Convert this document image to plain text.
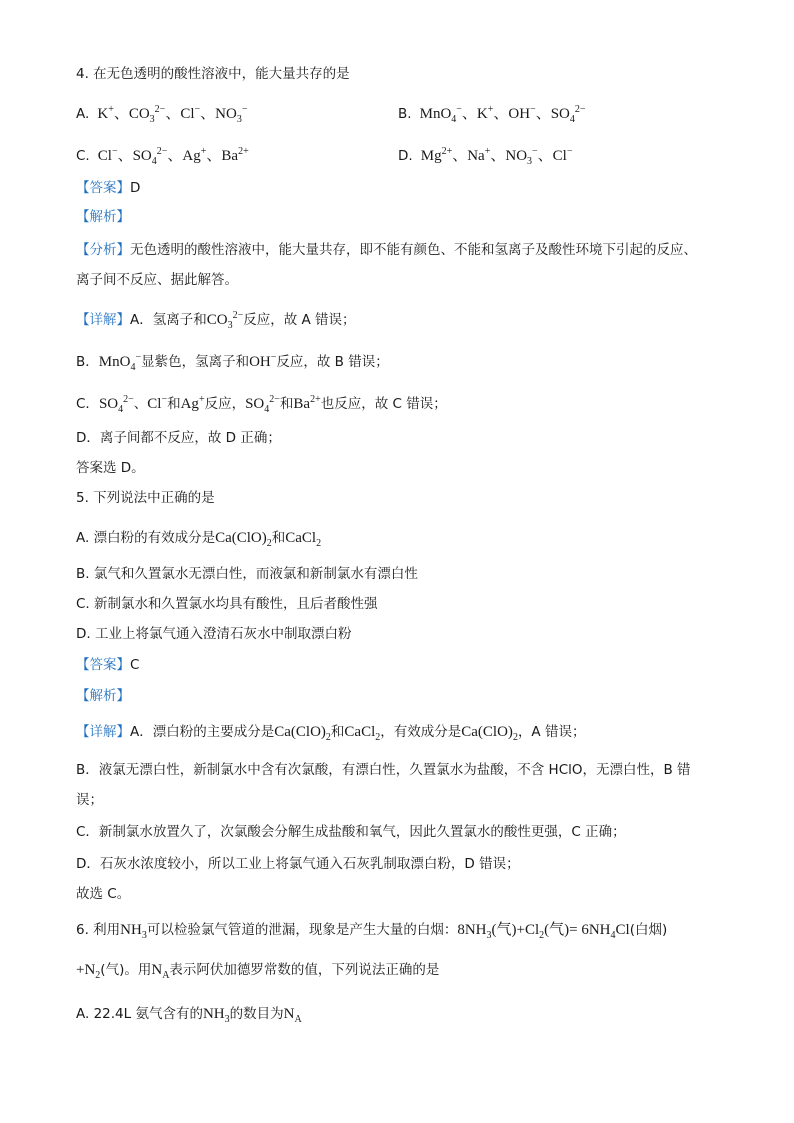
4. 在无色透明的酸性溶液中，能大量共存的是
A.  K+、$CO_3^{2-}$、Cl−、$NO_3^-$	B.  MnO$_4$−、K+、OH−、$SO_4^{2-}$
C.  Cl−、$SO_4^{2-}$、Ag+、$Ba^{2+}$	D.  $Mg^{2+}$、Na+、$NO_3^-$、Cl−
【答案】D
【解析】
【分析】无色透明的酸性溶液中，能大量共存，即不能有颜色、不能和氢离子及酸性环境下引起的反应、
离子间不反应、据此解答。
【详解】A．氢离子和$CO_3^{2-}$反应，故 A 错误；
B．MnO$_4$−显紫色，氢离子和OH−反应，故 B 错误；
C．$SO_4^{2-}$、Cl−和Ag+反应，$SO_4^{2-}$和$Ba^{2+}$也反应，故 C 错误；
D．离子间都不反应，故 D 正确；
答案选 D。
5. 下列说法中正确的是
A. 漂白粉的有效成分是$Ca(ClO)_2$和CaCl$_2$
B. 氯气和久置氯水无漂白性，而液氯和新制氯水有漂白性
C. 新制氯水和久置氯水均具有酸性，且后者酸性强
D. 工业上将氯气通入澄清石灰水中制取漂白粉
【答案】C
【解析】
【详解】A．漂白粉的主要成分是$Ca(ClO)_2$和CaCl$_2$，有效成分是$Ca(ClO)_2$，A 错误；
B．液氯无漂白性，新制氯水中含有次氯酸，有漂白性，久置氯水为盐酸，不含 HClO，无漂白性，B 错
误；
C．新制氯水放置久了，次氯酸会分解生成盐酸和氧气，因此久置氯水的酸性更强，C 正确；
D．石灰水浓度较小，所以工业上将氯气通入石灰乳制取漂白粉，D 错误；
故选 C。
6. 利用$NH_3$可以检验氯气管道的泄漏，现象是产生大量的白烟：$8NH_3$(气)$+Cl_2$(气)= $6NH_4Cl$(白烟)
$+N_2$(气)。用$N_A$表示阿伏加德罗常数的值，下列说法正确的是
A. 22.4L 氨气含有的$NH_3$的数目为$N_A$
